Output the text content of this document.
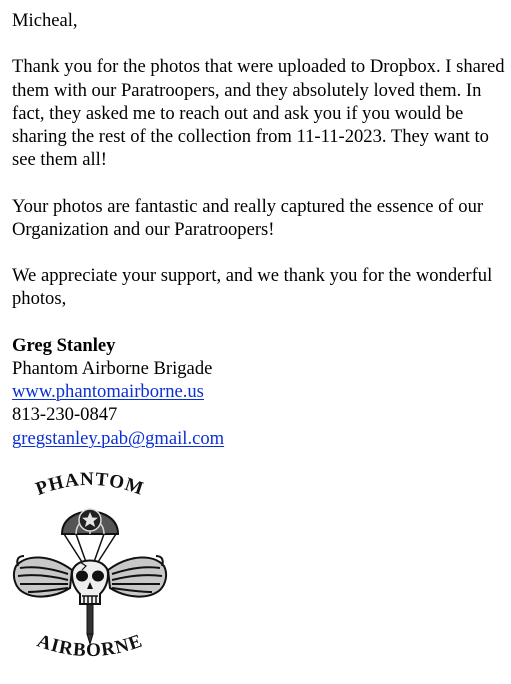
Micheal,

Thank you for the photos that were uploaded to Dropbox. I shared them with our Paratroopers, and they absolutely loved them. In fact, they asked me to reach out and ask you if you would be sharing the rest of the collection from 11-11-2023. They want to see them all!

Your photos are fantastic and really captured the essence of our Organization and our Paratroopers!

We appreciate your support, and we thank you for the wonderful photos,

Greg Stanley
Phantom Airborne Brigade
www.phantomairborne.us
813-230-0847
gregstanley.pab@gmail.com
PHANTOM
AIRBORNE
